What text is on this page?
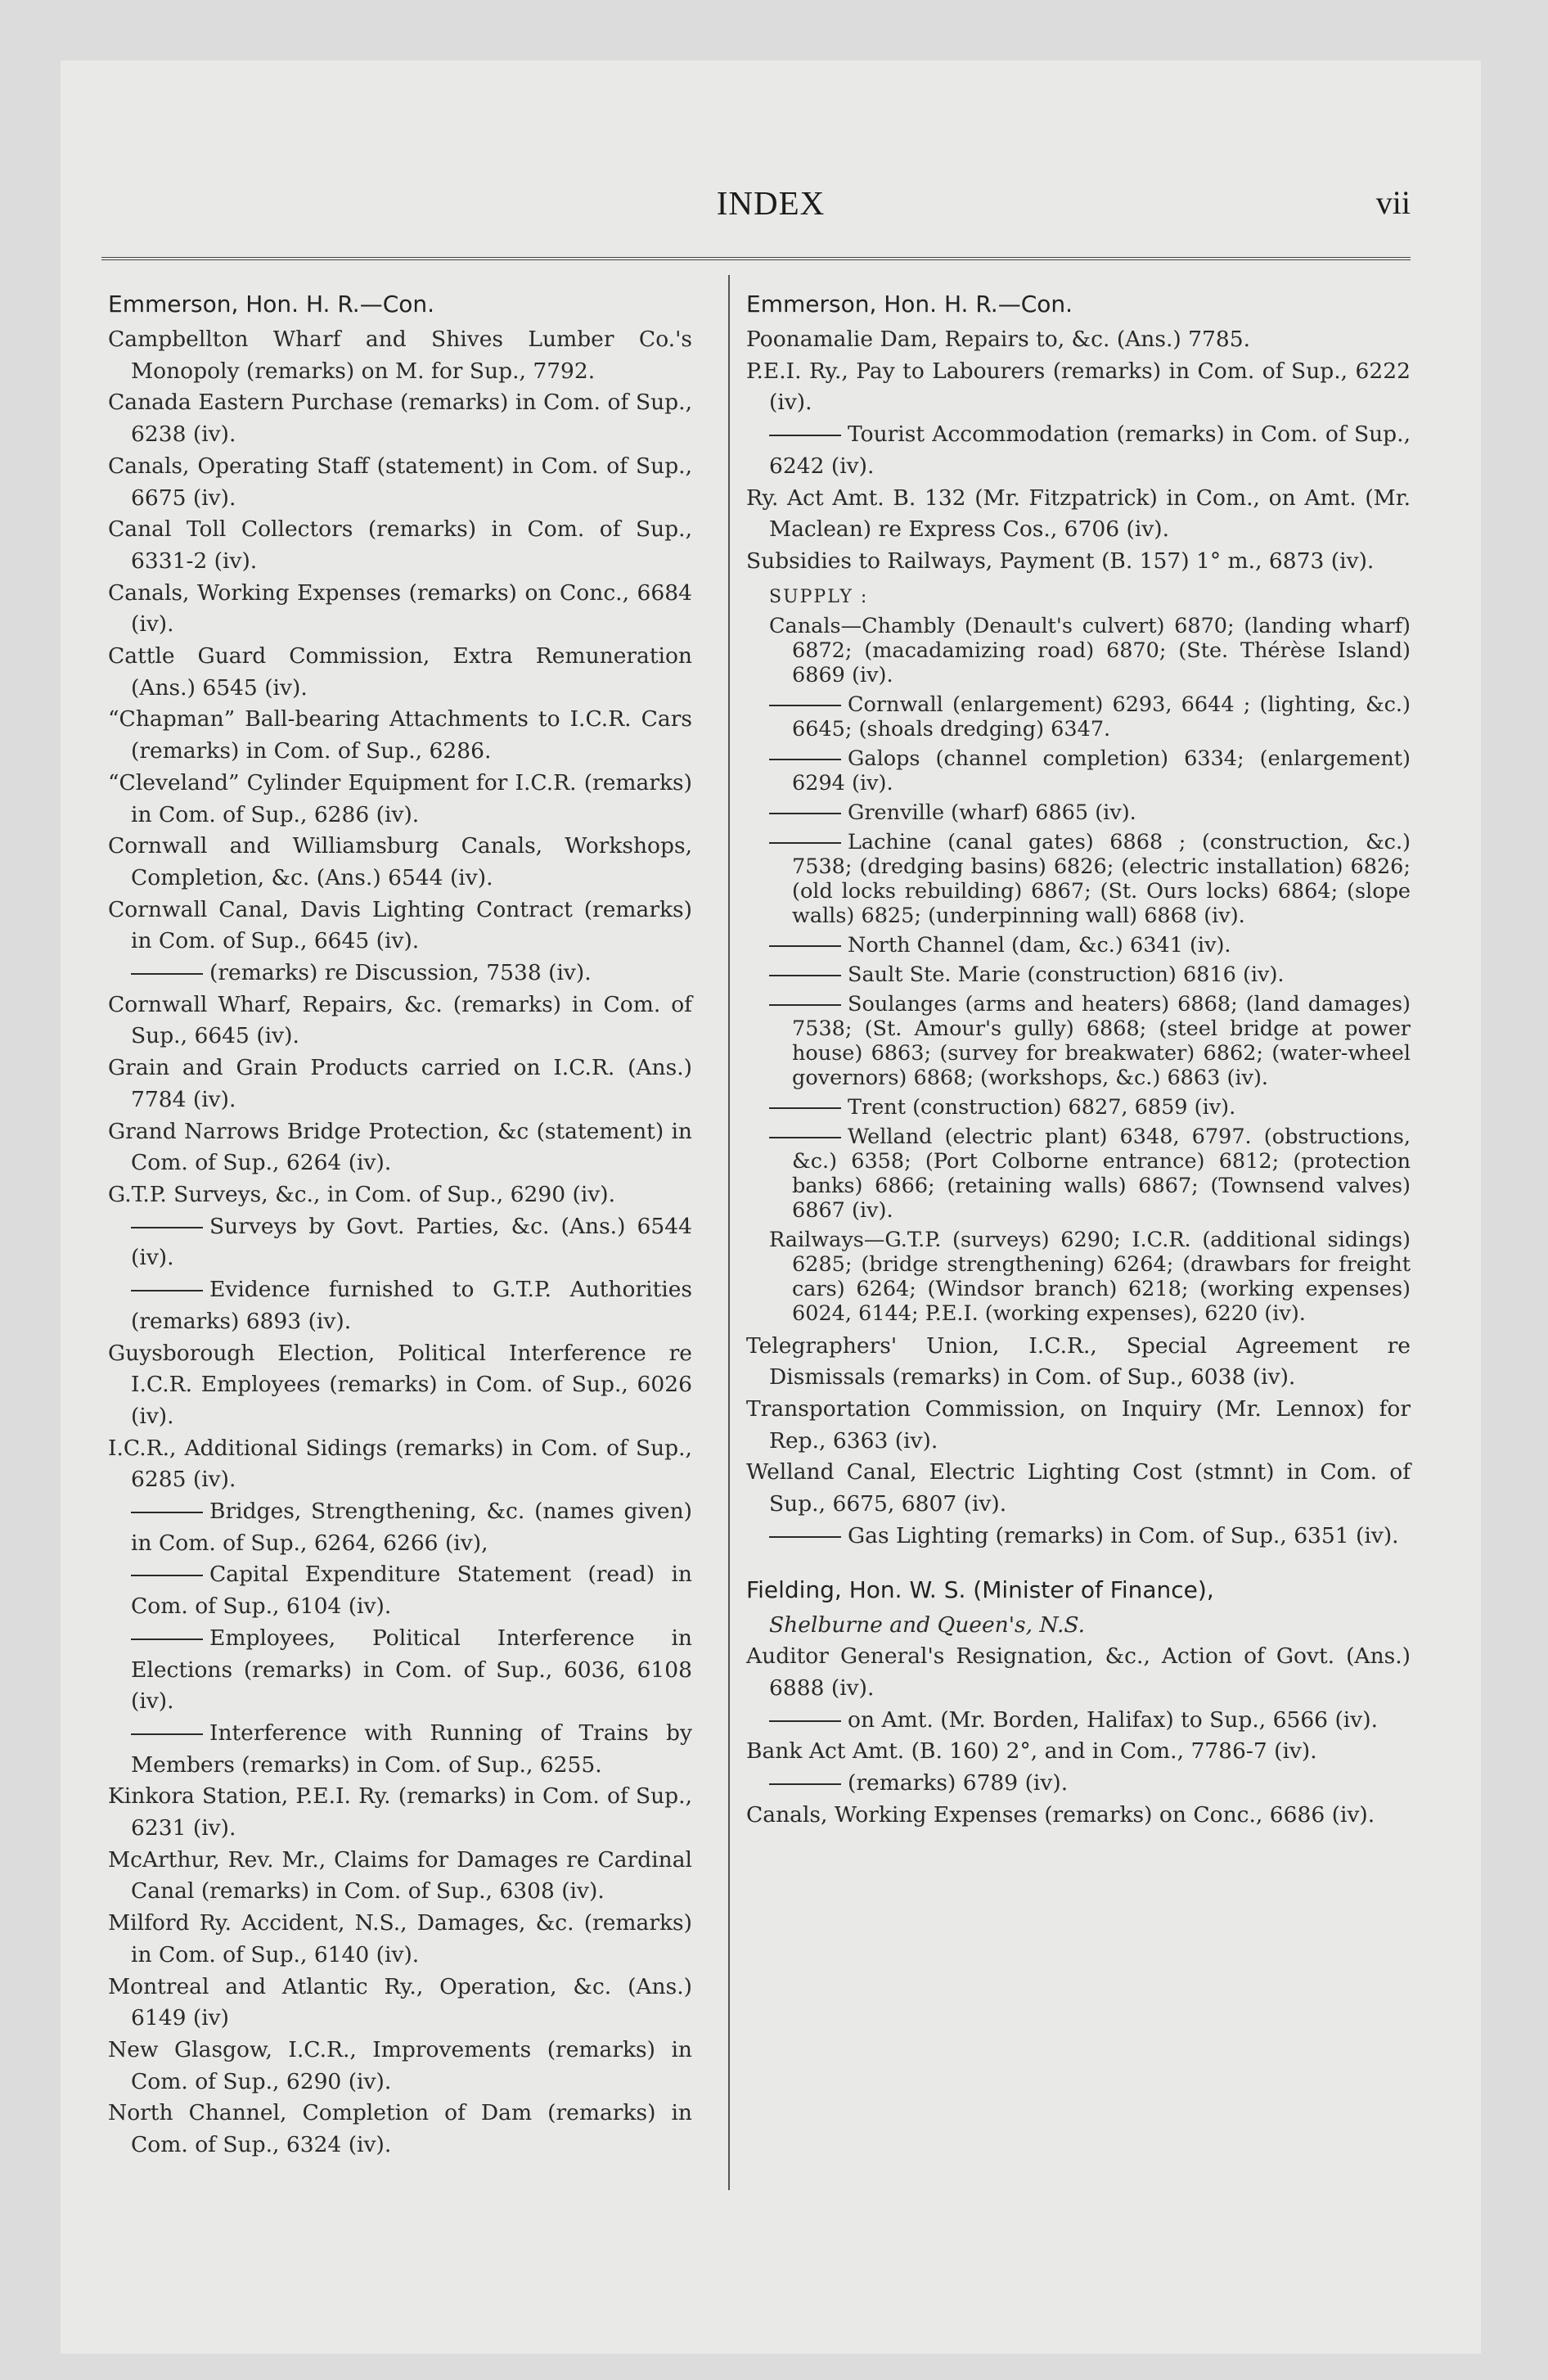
INDEX	vii

Emmerson, Hon. H. R.—Con.

Campbellton Wharf and Shives Lumber Co.'s Monopoly (remarks) on M. for Sup., 7792.

Canada Eastern Purchase (remarks) in Com. of Sup., 6238 (iv).

Canals, Operating Staff (statement) in Com. of Sup., 6675 (iv).

Canal Toll Collectors (remarks) in Com. of Sup., 6331-2 (iv).

Canals, Working Expenses (remarks) on Conc., 6684 (iv).

Cattle Guard Commission, Extra Remuneration (Ans.) 6545 (iv).

“Chapman” Ball-bearing Attachments to I.C.R. Cars (remarks) in Com. of Sup., 6286.

“Cleveland” Cylinder Equipment for I.C.R. (remarks) in Com. of Sup., 6286 (iv).

Cornwall and Williamsburg Canals, Workshops, Completion, &c. (Ans.) 6544 (iv).

Cornwall Canal, Davis Lighting Contract (remarks) in Com. of Sup., 6645 (iv).

(remarks) re Discussion, 7538 (iv).

Cornwall Wharf, Repairs, &c. (remarks) in Com. of Sup., 6645 (iv).

Grain and Grain Products carried on I.C.R. (Ans.) 7784 (iv).

Grand Narrows Bridge Protection, &c (statement) in Com. of Sup., 6264 (iv).

G.T.P. Surveys, &c., in Com. of Sup., 6290 (iv).

Surveys by Govt. Parties, &c. (Ans.) 6544 (iv).

Evidence furnished to G.T.P. Authorities (remarks) 6893 (iv).

Guysborough Election, Political Interference re I.C.R. Employees (remarks) in Com. of Sup., 6026 (iv).

I.C.R., Additional Sidings (remarks) in Com. of Sup., 6285 (iv).

Bridges, Strengthening, &c. (names given) in Com. of Sup., 6264, 6266 (iv),

Capital Expenditure Statement (read) in Com. of Sup., 6104 (iv).

Employees, Political Interference in Elections (remarks) in Com. of Sup., 6036, 6108 (iv).

Interference with Running of Trains by Members (remarks) in Com. of Sup., 6255.

Kinkora Station, P.E.I. Ry. (remarks) in Com. of Sup., 6231 (iv).

McArthur, Rev. Mr., Claims for Damages re Cardinal Canal (remarks) in Com. of Sup., 6308 (iv).

Milford Ry. Accident, N.S., Damages, &c. (remarks) in Com. of Sup., 6140 (iv).

Montreal and Atlantic Ry., Operation, &c. (Ans.) 6149 (iv)

New Glasgow, I.C.R., Improvements (remarks) in Com. of Sup., 6290 (iv).

North Channel, Completion of Dam (remarks) in Com. of Sup., 6324 (iv).

Emmerson, Hon. H. R.—Con.

Poonamalie Dam, Repairs to, &c. (Ans.) 7785.

P.E.I. Ry., Pay to Labourers (remarks) in Com. of Sup., 6222 (iv).

Tourist Accommodation (remarks) in Com. of Sup., 6242 (iv).

Ry. Act Amt. B. 132 (Mr. Fitzpatrick) in Com., on Amt. (Mr. Maclean) re Express Cos., 6706 (iv).

Subsidies to Railways, Payment (B. 157) 1° m., 6873 (iv).

SUPPLY :

Canals—Chambly (Denault's culvert) 6870; (landing wharf) 6872; (macadamizing road) 6870; (Ste. Thérèse Island) 6869 (iv).

Cornwall (enlargement) 6293, 6644 ; (lighting, &c.) 6645; (shoals dredging) 6347.

Galops (channel completion) 6334; (enlargement) 6294 (iv).

Grenville (wharf) 6865 (iv).

Lachine (canal gates) 6868 ; (construction, &c.) 7538; (dredging basins) 6826; (electric installation) 6826; (old locks rebuilding) 6867; (St. Ours locks) 6864; (slope walls) 6825; (underpinning wall) 6868 (iv).

North Channel (dam, &c.) 6341 (iv).

Sault Ste. Marie (construction) 6816 (iv).

Soulanges (arms and heaters) 6868; (land damages) 7538; (St. Amour's gully) 6868; (steel bridge at power house) 6863; (survey for breakwater) 6862; (water-wheel governors) 6868; (workshops, &c.) 6863 (iv).

Trent (construction) 6827, 6859 (iv).

Welland (electric plant) 6348, 6797. (obstructions, &c.) 6358; (Port Colborne entrance) 6812; (protection banks) 6866; (retaining walls) 6867; (Townsend valves) 6867 (iv).

Railways—G.T.P. (surveys) 6290; I.C.R. (additional sidings) 6285; (bridge strengthening) 6264; (drawbars for freight cars) 6264; (Windsor branch) 6218; (working expenses) 6024, 6144; P.E.I. (working expenses), 6220 (iv).

Telegraphers' Union, I.C.R., Special Agreement re Dismissals (remarks) in Com. of Sup., 6038 (iv).

Transportation Commission, on Inquiry (Mr. Lennox) for Rep., 6363 (iv).

Welland Canal, Electric Lighting Cost (stmnt) in Com. of Sup., 6675, 6807 (iv).

Gas Lighting (remarks) in Com. of Sup., 6351 (iv).

Fielding, Hon. W. S. (Minister of Finance),

Shelburne and Queen's, N.S.

Auditor General's Resignation, &c., Action of Govt. (Ans.) 6888 (iv).

on Amt. (Mr. Borden, Halifax) to Sup., 6566 (iv).

Bank Act Amt. (B. 160) 2°, and in Com., 7786-7 (iv).

(remarks) 6789 (iv).

Canals, Working Expenses (remarks) on Conc., 6686 (iv).
